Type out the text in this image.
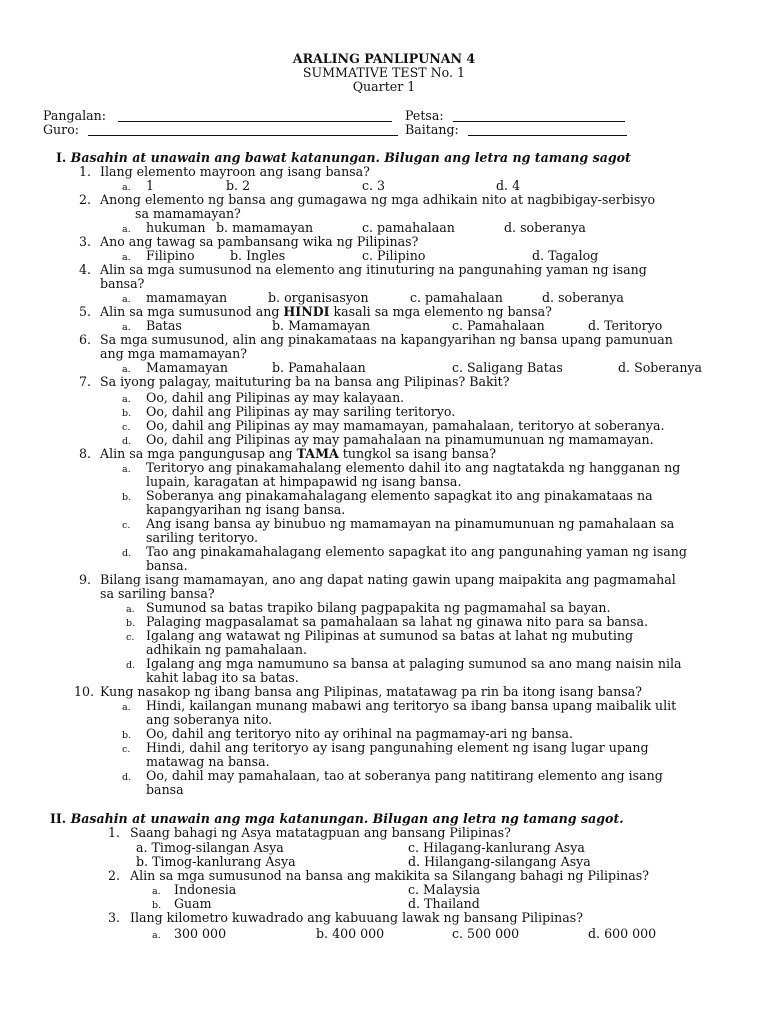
ARALING PANLIPUNAN 4
SUMMATIVE TEST No. 1
Quarter 1
Pangalan:	Petsa:
Guro:	Baitang:
I. Basahin at unawain ang bawat katanungan. Bilugan ang letra ng tamang sagot
1. Ilang elemento mayroon ang isang bansa?
a. 1	b. 2	c. 3	d. 4
2. Anong elemento ng bansa ang gumagawa ng mga adhikain nito at nagbibigay-serbisyo
sa mamamayan?
a. hukuman b. mamamayan	c. pamahalaan	d. soberanya
3. Ano ang tawag sa pambansang wika ng Pilipinas?
a. Filipino	b. Ingles	c. Pilipino	d. Tagalog
4. Alin sa mga sumusunod na elemento ang itinuturing na pangunahing yaman ng isang
bansa?
a. mamamayan	b. organisasyon	c. pamahalaan	d. soberanya
5. Alin sa mga sumusunod ang HINDI kasali sa mga elemento ng bansa?
a. Batas	b. Mamamayan	c. Pamahalaan	d. Teritoryo
6. Sa mga sumusunod, alin ang pinakamataas na kapangyarihan ng bansa upang pamunuan
ang mga mamamayan?
a. Mamamayan	b. Pamahalaan	c. Saligang Batas	d. Soberanya
7. Sa iyong palagay, maituturing ba na bansa ang Pilipinas? Bakit?
a. Oo, dahil ang Pilipinas ay may kalayaan.
b. Oo, dahil ang Pilipinas ay may sariling teritoryo.
c. Oo, dahil ang Pilipinas ay may mamamayan, pamahalaan, teritoryo at soberanya.
d. Oo, dahil ang Pilipinas ay may pamahalaan na pinamumunuan ng mamamayan.
8. Alin sa mga pangungusap ang TAMA tungkol sa isang bansa?
a. Teritoryo ang pinakamahalang elemento dahil ito ang nagtatakda ng hangganan ng
lupain, karagatan at himpapawid ng isang bansa.
b. Soberanya ang pinakamahalagang elemento sapagkat ito ang pinakamataas na
kapangyarihan ng isang bansa.
c. Ang isang bansa ay binubuo ng mamamayan na pinamumunuan ng pamahalaan sa
sariling teritoryo.
d. Tao ang pinakamahalagang elemento sapagkat ito ang pangunahing yaman ng isang
bansa.
9. Bilang isang mamamayan, ano ang dapat nating gawin upang maipakita ang pagmamahal
sa sariling bansa?
a. Sumunod sa batas trapiko bilang pagpapakita ng pagmamahal sa bayan.
b. Palaging magpasalamat sa pamahalaan sa lahat ng ginawa nito para sa bansa.
c. Igalang ang watawat ng Pilipinas at sumunod sa batas at lahat ng mubuting
adhikain ng pamahalaan.
d. Igalang ang mga namumuno sa bansa at palaging sumunod sa ano mang naisin nila
kahit labag ito sa batas.
10. Kung nasakop ng ibang bansa ang Pilipinas, matatawag pa rin ba itong isang bansa?
a. Hindi, kailangan munang mabawi ang teritoryo sa ibang bansa upang maibalik ulit
ang soberanya nito.
b. Oo, dahil ang teritoryo nito ay orihinal na pagmamay-ari ng bansa.
c. Hindi, dahil ang teritoryo ay isang pangunahing element ng isang lugar upang
matawag na bansa.
d. Oo, dahil may pamahalaan, tao at soberanya pang natitirang elemento ang isang
bansa
II. Basahin at unawain ang mga katanungan. Bilugan ang letra ng tamang sagot.
1. Saang bahagi ng Asya matatagpuan ang bansang Pilipinas?
a. Timog-silangan Asya	c. Hilagang-kanlurang Asya
b. Timog-kanlurang Asya	d. Hilangang-silangang Asya
2. Alin sa mga sumusunod na bansa ang makikita sa Silangang bahagi ng Pilipinas?
a. Indonesia	c. Malaysia
b. Guam	d. Thailand
3. Ilang kilometro kuwadrado ang kabuuang lawak ng bansang Pilipinas?
a. 300 000	b. 400 000	c. 500 000	d. 600 000
